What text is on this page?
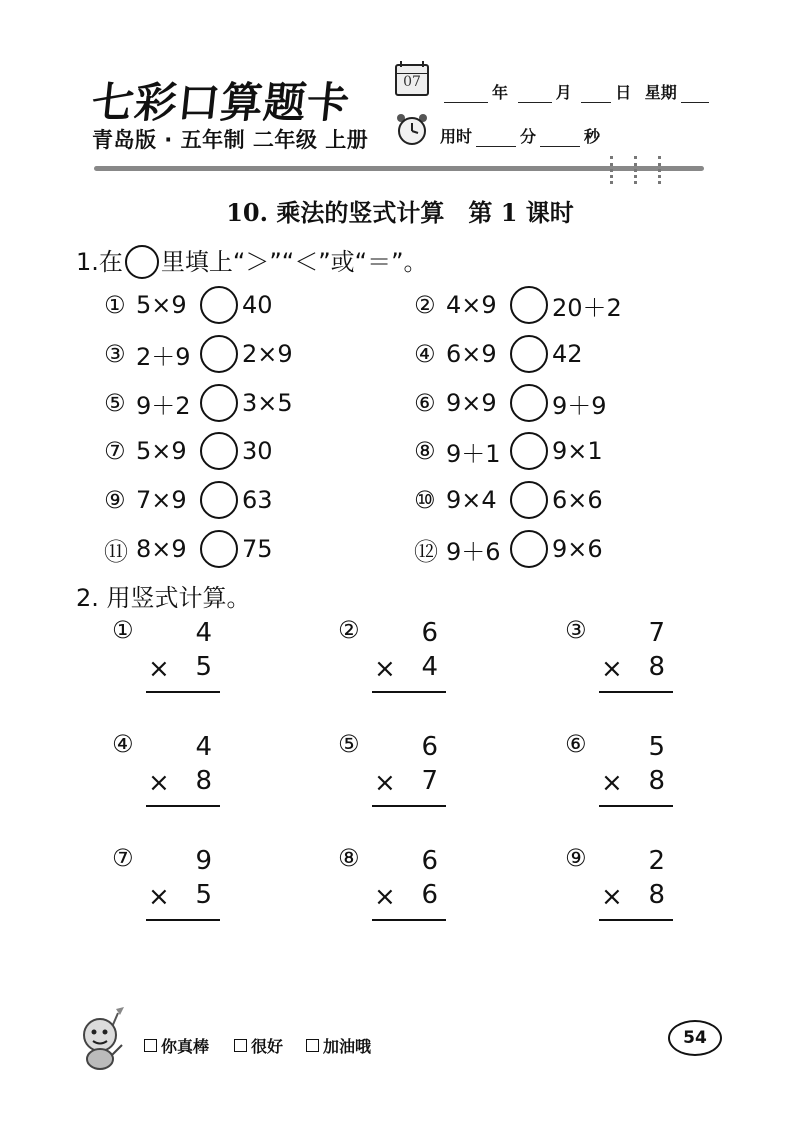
七彩口算题卡
青岛版 · 五年制 二年级 上册
07
年	月	日 星期
用时	分	秒
10. 乘法的竖式计算　第 1 课时
1.在 里填上“＞”“＜”或“＝”。
① 5×9	40
③ 2＋9 2×9
⑤ 9＋2 3×5
⑦ 5×9	30
⑨ 7×9	63
⑪ 8×9	75
② 4×9	20＋2
④ 6×9	42
⑥ 9×9	9＋9
⑧ 9＋1 9×1
⑩ 9×4	6×6
⑫ 9＋6 9×6
2. 用竖式计算。
①	4
× 5
②	6
× 4
③	7
× 8
④	4
× 8
⑤	6
× 7
⑥	5
× 8
⑦	9
× 5
⑧	6
× 6
⑨	2
× 8
你真棒	很好 加油哦	54
